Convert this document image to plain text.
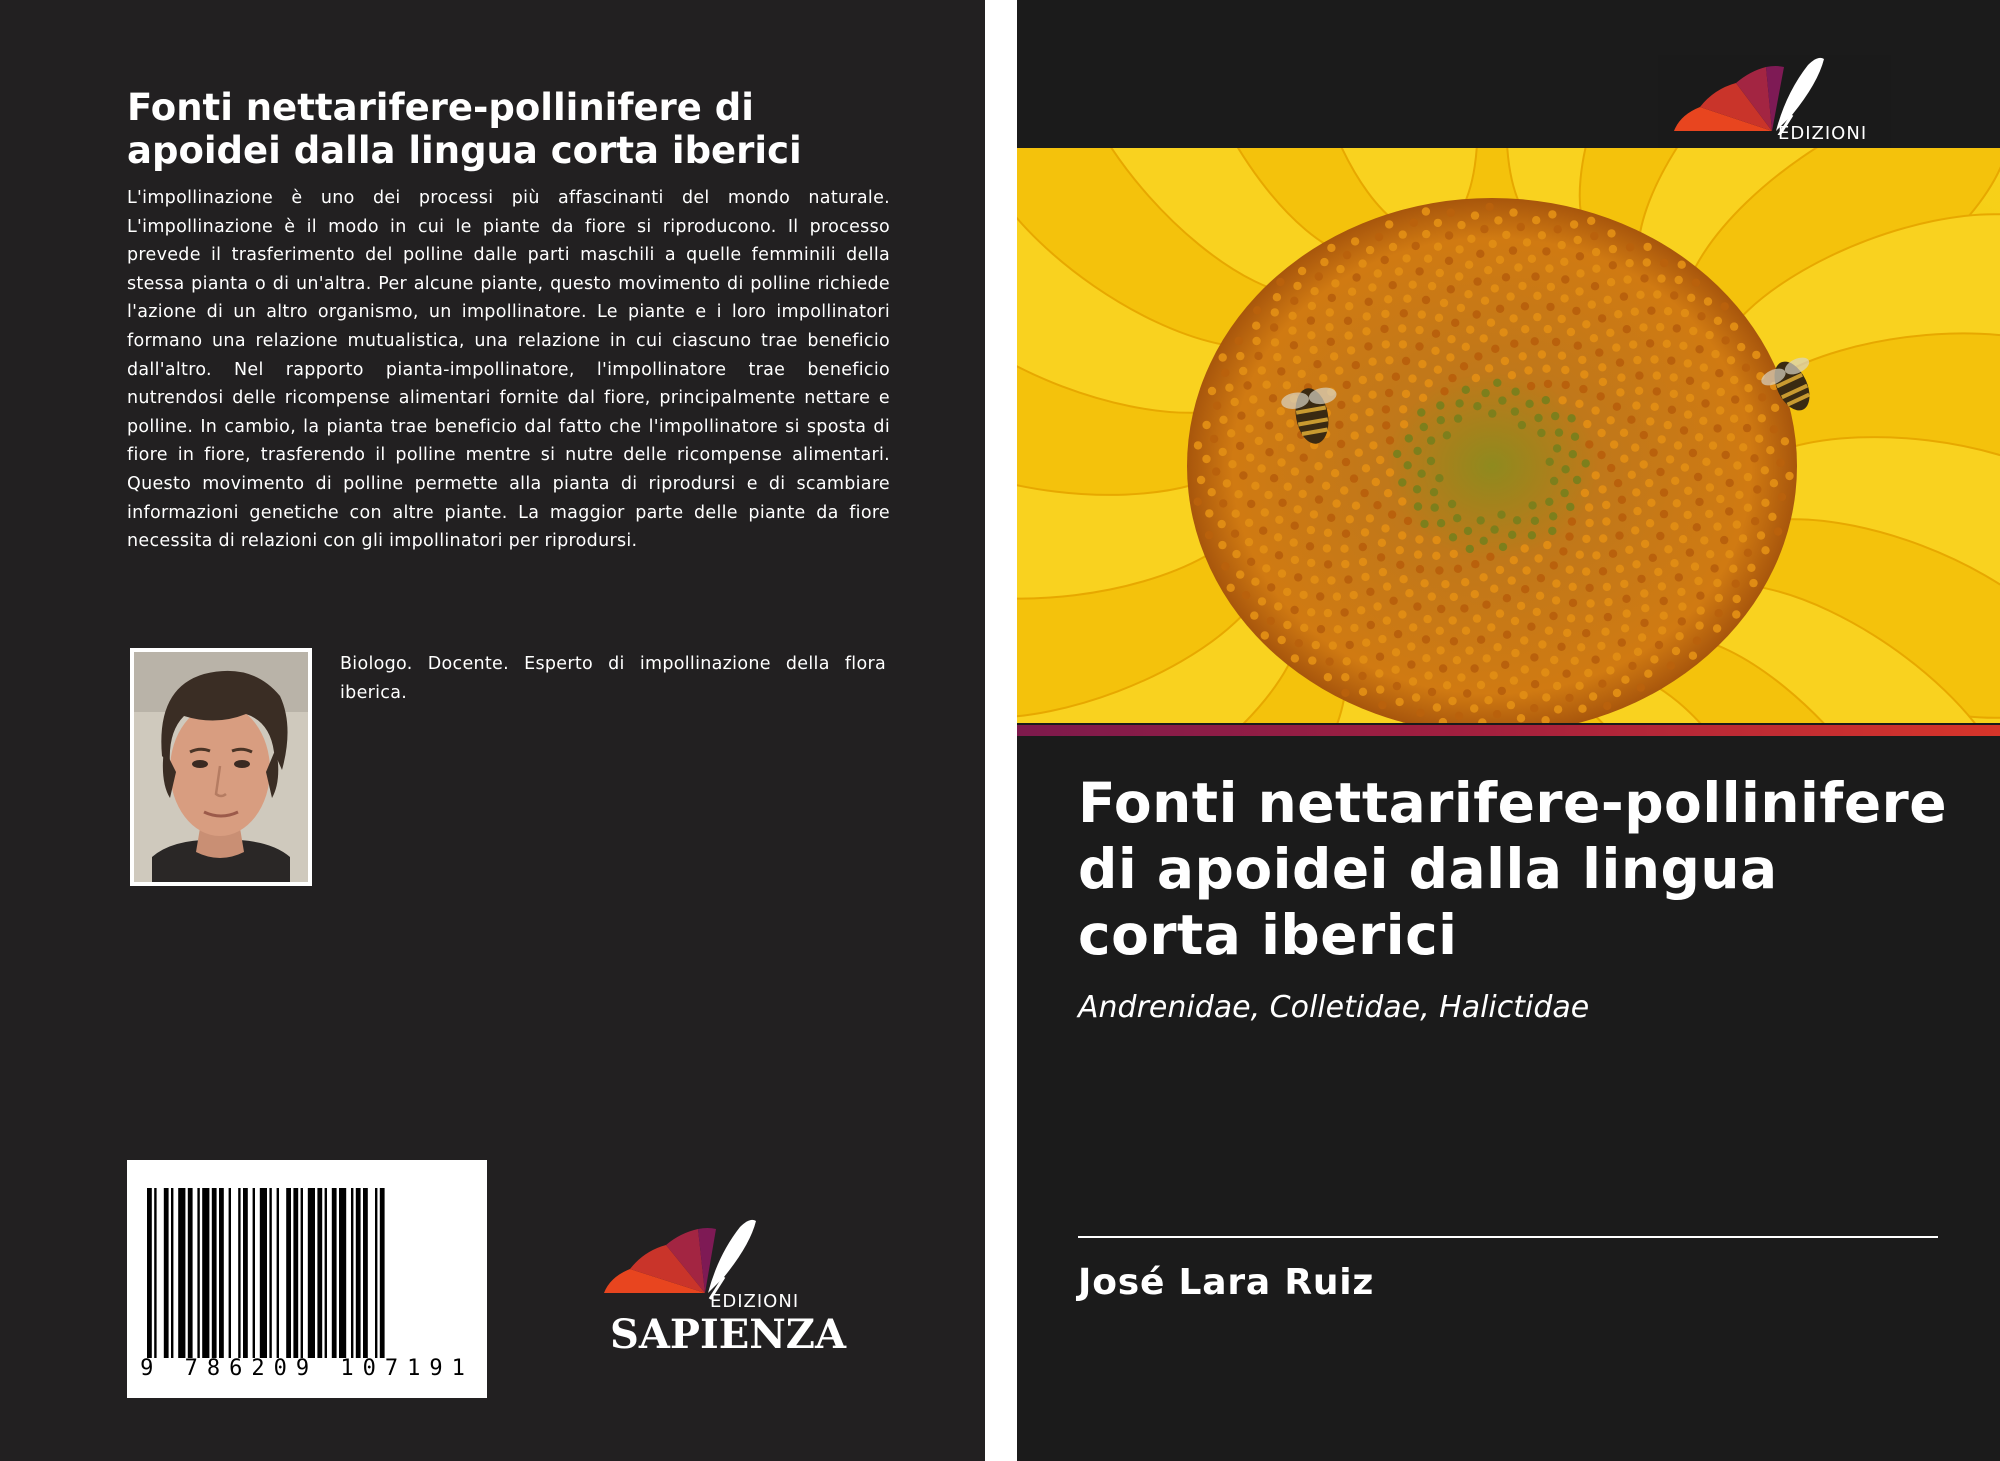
Fonti nettarifere-pollinifere di apoidei dalla lingua corta iberici

L'impollinazione è uno dei processi più affascinanti del mondo naturale. L'impollinazione è il modo in cui le piante da fiore si riproducono. Il processo prevede il trasferimento del polline dalle parti maschili a quelle femminili della stessa pianta o di un'altra. Per alcune piante, questo movimento di polline richiede l'azione di un altro organismo, un impollinatore. Le piante e i loro impollinatori formano una relazione mutualistica, una relazione in cui ciascuno trae beneficio dall'altro. Nel rapporto pianta-impollinatore, l'impollinatore trae beneficio nutrendosi delle ricompense alimentari fornite dal fiore, principalmente nettare e polline. In cambio, la pianta trae beneficio dal fatto che l'impollinatore si sposta di fiore in fiore, trasferendo il polline mentre si nutre delle ricompense alimentari. Questo movimento di polline permette alla pianta di riprodursi e di scambiare informazioni genetiche con altre piante. La maggior parte delle piante da fiore necessita di relazioni con gli impollinatori per riprodursi.

Biologo. Docente. Esperto di impollinazione della flora iberica.

9 786209 107191
EDIZIONI
SAPIENZA
EDIZIONI
Fonti nettarifere-pollinifere di apoidei dalla lingua corta iberici

Andrenidae, Colletidae, Halictidae

José Lara Ruiz
